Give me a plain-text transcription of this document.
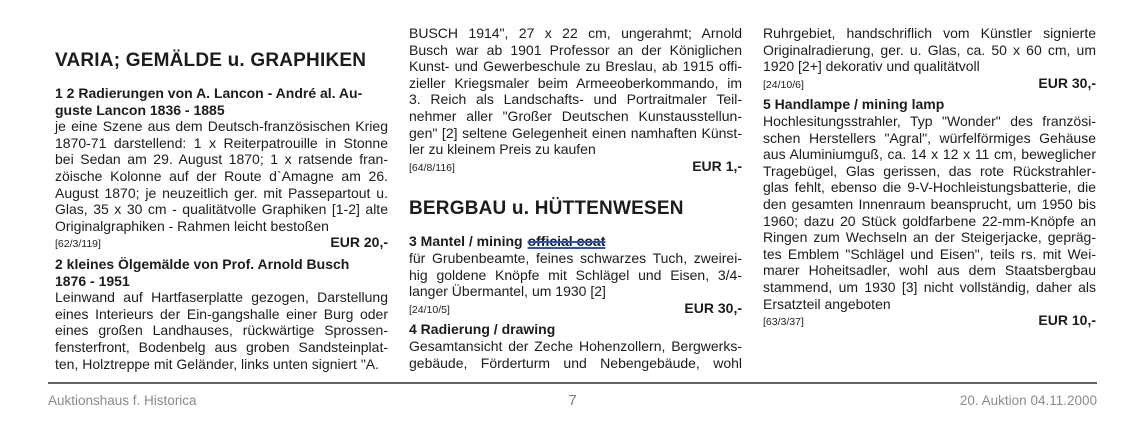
VARIA; GEMÄLDE u. GRAPHIKEN
1 2 Radierungen von A. Lancon - André al. Au-
guste Lancon 1836 - 1885
je eine Szene aus dem Deutsch-französischen Krieg
1870-71 darstellend: 1 x Reiterpatrouille in Stonne
bei Sedan am 29. August 1870; 1 x ratsende fran-
zöische Kolonne auf der Route d`Amagne am 26.
August 1870; je neuzeitlich ger. mit Passepartout u.
Glas, 35 x 30 cm - qualitätvolle Graphiken [1-2] alte
Originalgraphiken - Rahmen leicht bestoßen
[62/3/119]	EUR 20,-
2 kleines Ölgemälde von Prof. Arnold Busch
1876 - 1951
Leinwand auf Hartfaserplatte gezogen, Darstellung
eines Interieurs der Ein-gangshalle einer Burg oder
eines großen Landhauses, rückwärtige Sprossen-
fensterfront, Bodenbelg aus groben Sandsteinplat-
ten, Holztreppe mit Geländer, links unten signiert "A.
BUSCH 1914", 27 x 22 cm, ungerahmt; Arnold
Busch war ab 1901 Professor an der Königlichen
Kunst- und Gewerbeschule zu Breslau, ab 1915 offi-
zieller Kriegsmaler beim Armeeoberkommando, im
3. Reich als Landschafts- und Portraitmaler Teil-
nehmer aller "Großer Deutschen Kunstausstellun-
gen" [2] seltene Gelegenheit einen namhaften Künst-
ler zu kleinem Preis zu kaufen
[64/8/116]	EUR 1,-
BERGBAU u. HÜTTENWESEN
3 Mantel / mining official coat
für Grubenbeamte, feines schwarzes Tuch, zweirei-
hig goldene Knöpfe mit Schlägel und Eisen, 3/4-
langer Übermantel, um 1930 [2]
[24/10/5]	EUR 30,-
4 Radierung / drawing
Gesamtansicht der Zeche Hohenzollern, Bergwerks-
gebäude, Förderturm und Nebengebäude, wohl
Ruhrgebiet, handschriflich vom Künstler signierte
Originalradierung, ger. u. Glas, ca. 50 x 60 cm, um
1920 [2+] dekorativ und qualitätvoll
[24/10/6]	EUR 30,-
5 Handlampe / mining lamp
Hochlesitungsstrahler, Typ "Wonder" des französi-
schen Herstellers "Agral", würfelförmiges Gehäuse
aus Aluminiumguß, ca. 14 x 12 x 11 cm, beweglicher
Tragebügel, Glas gerissen, das rote Rückstrahler-
glas fehlt, ebenso die 9-V-Hochleistungsbatterie, die
den gesamten Innenraum beansprucht, um 1950 bis
1960; dazu 20 Stück goldfarbene 22-mm-Knöpfe an
Ringen zum Wechseln an der Steigerjacke, gepräg-
tes Emblem "Schlägel und Eisen", teils rs. mit Wei-
marer Hoheitsadler, wohl aus dem Staatsbergbau
stammend, um 1930 [3] nicht vollständig, daher als
Ersatzteil angeboten
[63/3/37]	EUR 10,-
Auktionshaus f. Historica	7	20. Auktion 04.11.2000
